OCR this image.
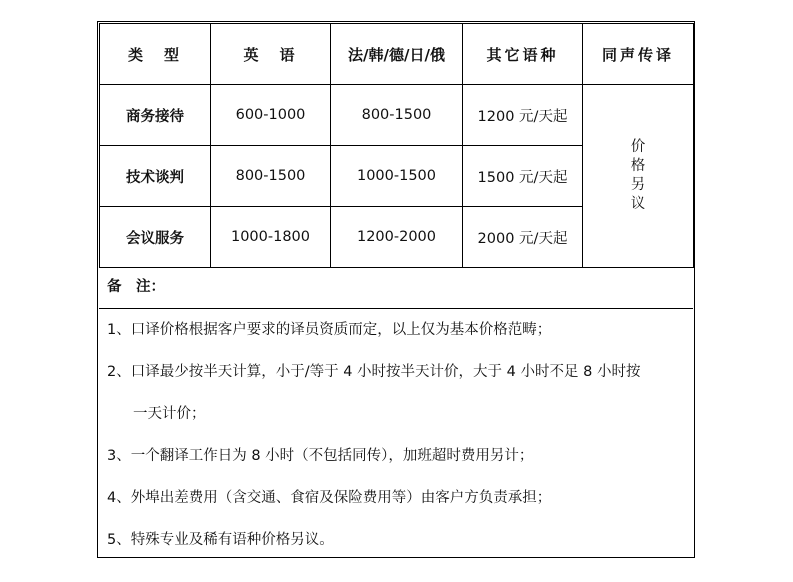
类　型	英　语	法/韩/德/日/俄	其它语种	同声传译
商务接待	600-1000	800-1500	1200 元/天起	价格另议
技术谈判	800-1500	1000-1500	1500 元/天起	
会议服务	1000-1800	1200-2000	2000 元/天起	
备　注：
1、口译价格根据客户要求的译员资质而定，以上仅为基本价格范畴；
2、口译最少按半天计算，小于/等于 4 小时按半天计价，大于 4 小时不足 8 小时按
一天计价；
3、一个翻译工作日为 8 小时（不包括同传），加班超时费用另计；
4、外埠出差费用（含交通、食宿及保险费用等）由客户方负责承担；
5、特殊专业及稀有语种价格另议。
